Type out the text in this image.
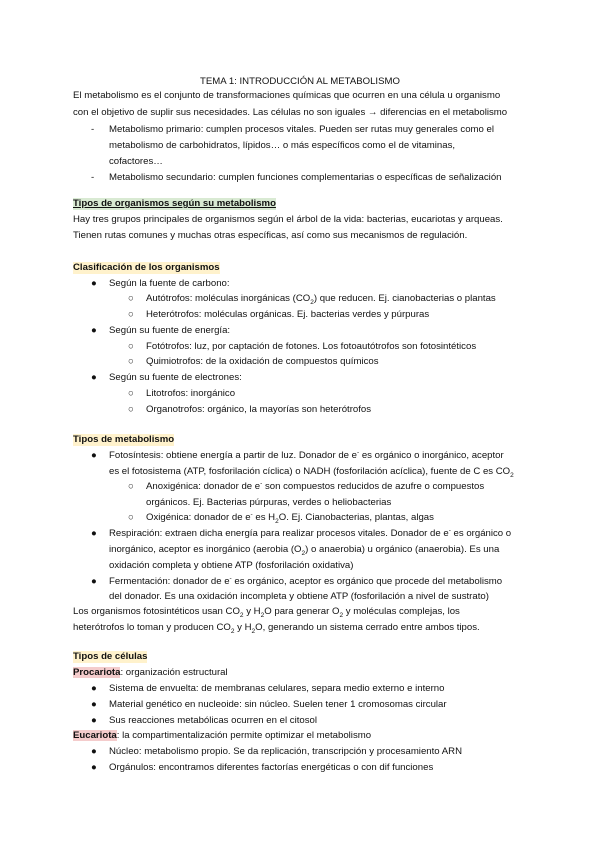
TEMA 1: INTRODUCCIÓN AL METABOLISMO
El metabolismo es el conjunto de transformaciones químicas que ocurren en una célula u organismo
con el objetivo de suplir sus necesidades. Las células no son iguales → diferencias en el metabolismo
- Metabolismo primario: cumplen procesos vitales. Pueden ser rutas muy generales como el
metabolismo de carbohidratos, lípidos… o más específicos como el de vitaminas,
cofactores…
- Metabolismo secundario: cumplen funciones complementarias o específicas de señalización
Tipos de organismos según su metabolismo
Hay tres grupos principales de organismos según el árbol de la vida: bacterias, eucariotas y arqueas.
Tienen rutas comunes y muchas otras específicas, así como sus mecanismos de regulación.
Clasificación de los organismos
● Según la fuente de carbono:
○ Autótrofos: moléculas inorgánicas $(CO_2)$ que reducen. Ej. cianobacterias o plantas
○ Heterótrofos: moléculas orgánicas. Ej. bacterias verdes y púrpuras
● Según su fuente de energía:
○ Fotótrofos: luz, por captación de fotones. Los fotoautótrofos son fotosintéticos
○ Quimiotrofos: de la oxidación de compuestos químicos
● Según su fuente de electrones:
○ Litotrofos: inorgánico
○ Organotrofos: orgánico, la mayorías son heterótrofos
Tipos de metabolismo
● Fotosíntesis: obtiene energía a partir de luz. Donador de e- es orgánico o inorgánico, aceptor
es el fotosistema (ATP, fosforilación cíclica) o NADH (fosforilación acíclica), fuente de C es $CO_2$
○ Anoxigénica: donador de e- son compuestos reducidos de azufre o compuestos
orgánicos. Ej. Bacterias púrpuras, verdes o heliobacterias
○ Oxigénica: donador de e- es $H_2O$. Ej. Cianobacterias, plantas, algas
● Respiración: extraen dicha energía para realizar procesos vitales. Donador de e- es orgánico o
inorgánico, aceptor es inorgánico (aerobia $(O_2)$ o anaerobia) u orgánico (anaerobia). Es una
oxidación completa y obtiene ATP (fosforilación oxidativa)
● Fermentación: donador de e- es orgánico, aceptor es orgánico que procede del metabolismo
del donador. Es una oxidación incompleta y obtiene ATP (fosforilación a nivel de sustrato)
Los organismos fotosintéticos usan $CO_2$ y $H_2O$ para generar $O_2$ y moléculas complejas, los
heterótrofos lo toman y producen $CO_2$ y $H_2O$, generando un sistema cerrado entre ambos tipos.
Tipos de células
Procariota: organización estructural
● Sistema de envuelta: de membranas celulares, separa medio externo e interno
● Material genético en nucleoide: sin núcleo. Suelen tener 1 cromosomas circular
● Sus reacciones metabólicas ocurren en el citosol
Eucariota: la compartimentalización permite optimizar el metabolismo
● Núcleo: metabolismo propio. Se da replicación, transcripción y procesamiento ARN
● Orgánulos: encontramos diferentes factorías energéticas o con dif funciones
